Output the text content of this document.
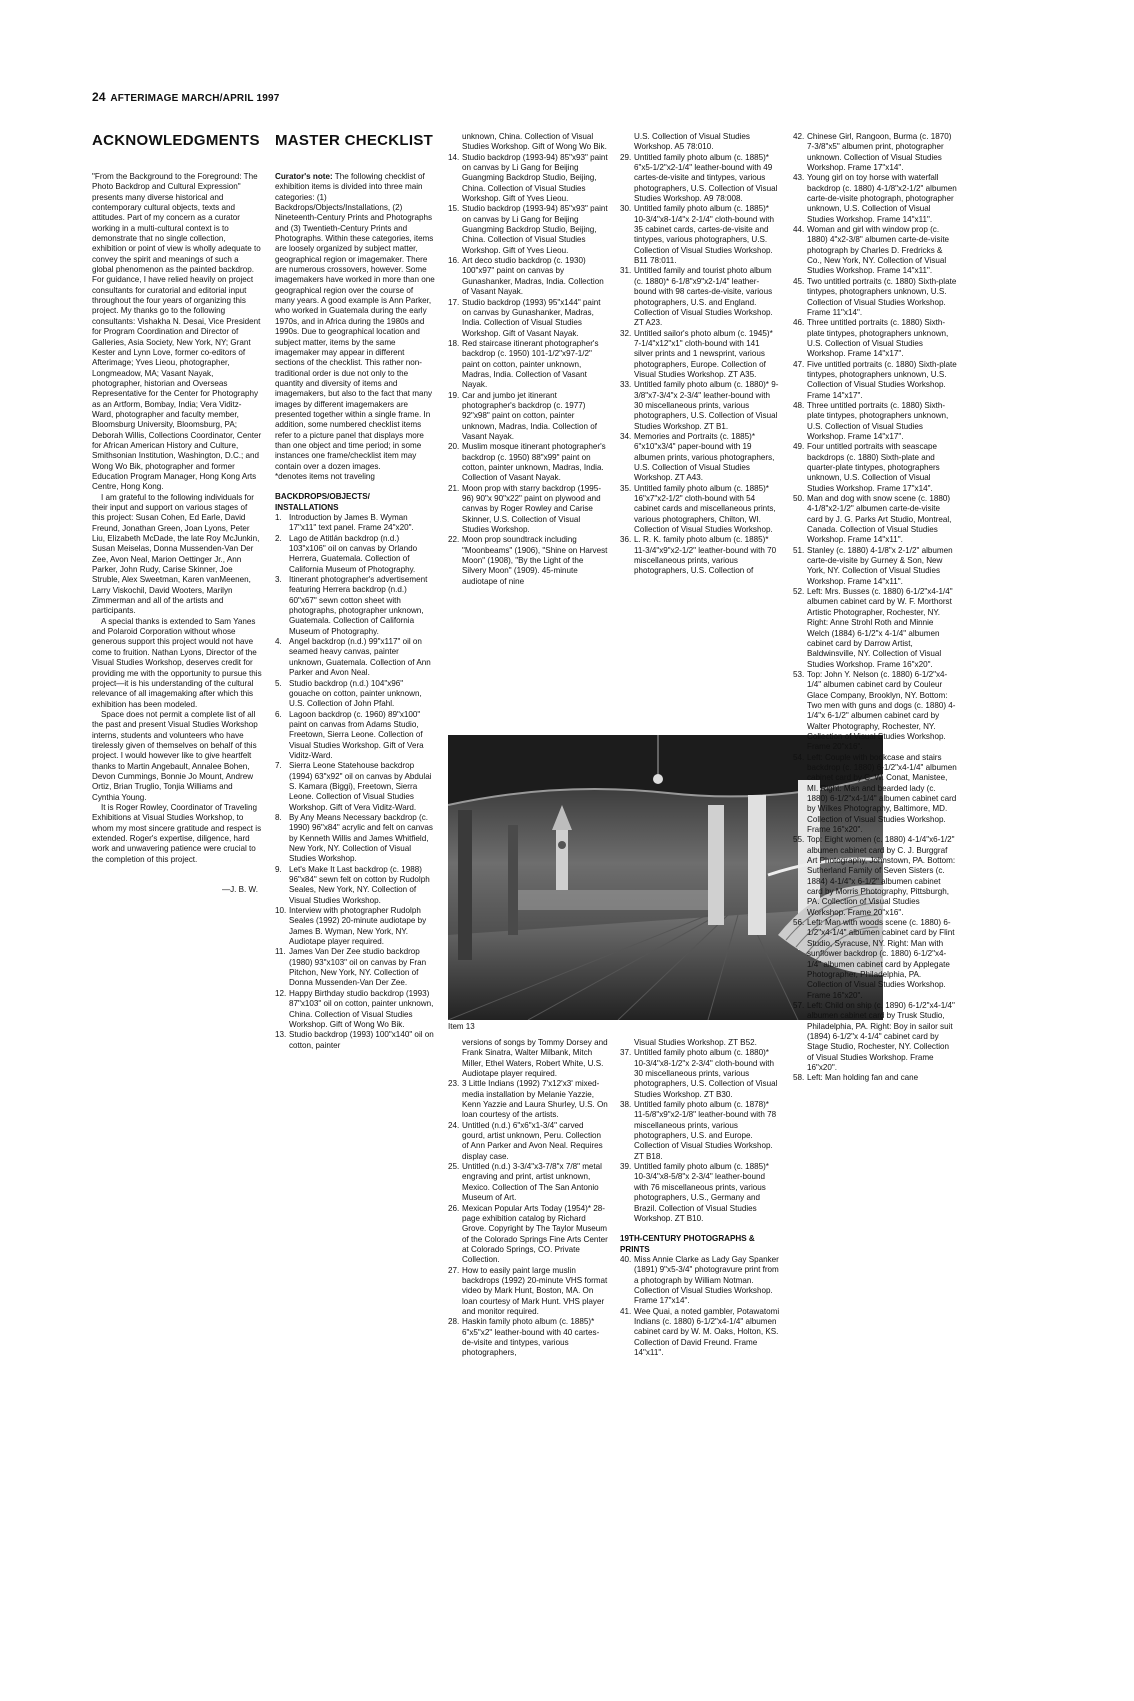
24 AFTERIMAGE MARCH/APRIL 1997
ACKNOWLEDGMENTS

"From the Background to the Foreground: The Photo Backdrop and Cultural Expression" presents many diverse historical and contemporary cultural objects, texts and attitudes. Part of my concern as a curator working in a multi-cultural context is to demonstrate that no single collection, exhibition or point of view is wholly adequate to convey the spirit and meanings of such a global phenomenon as the painted backdrop. For guidance, I have relied heavily on project consultants for curatorial and editorial input throughout the four years of organizing this project. My thanks go to the following consultants: Vishakha N. Desai, Vice President for Program Coordination and Director of Galleries, Asia Society, New York, NY; Grant Kester and Lynn Love, former co-editors of Afterimage; Yves Lieou, photographer, Longmeadow, MA; Vasant Nayak, photographer, historian and Overseas Representative for the Center for Photography as an Artform, Bombay, India; Vera Viditz-Ward, photographer and faculty member, Bloomsburg University, Bloomsburg, PA; Deborah Willis, Collections Coordinator, Center for African American History and Culture, Smithsonian Institution, Washington, D.C.; and Wong Wo Bik, photographer and former Education Program Manager, Hong Kong Arts Centre, Hong Kong.

I am grateful to the following individuals for their input and support on various stages of this project: Susan Cohen, Ed Earle, David Freund, Jonathan Green, Joan Lyons, Peter Liu, Elizabeth McDade, the late Roy McJunkin, Susan Meiselas, Donna Mussenden-Van Der Zee, Avon Neal, Marion Oettinger Jr., Ann Parker, John Rudy, Carise Skinner, Joe Struble, Alex Sweetman, Karen vanMeenen, Larry Viskochil, David Wooters, Marilyn Zimmerman and all of the artists and participants.

A special thanks is extended to Sam Yanes and Polaroid Corporation without whose generous support this project would not have come to fruition. Nathan Lyons, Director of the Visual Studies Workshop, deserves credit for providing me with the opportunity to pursue this project—it is his understanding of the cultural relevance of all imagemaking after which this exhibition has been modeled.

Space does not permit a complete list of all the past and present Visual Studies Workshop interns, students and volunteers who have tirelessly given of themselves on behalf of this project. I would however like to give heartfelt thanks to Martin Angebault, Annalee Bohen, Devon Cummings, Bonnie Jo Mount, Andrew Ortiz, Brian Truglio, Tonjia Williams and Cynthia Young.

It is Roger Rowley, Coordinator of Traveling Exhibitions at Visual Studies Workshop, to whom my most sincere gratitude and respect is extended. Roger's expertise, diligence, hard work and unwavering patience were crucial to the completion of this project.

—J. B. W.
MASTER CHECKLIST

Curator's note: The following checklist of exhibition items is divided into three main categories: (1) Backdrops/Objects/Installations, (2) Nineteenth-Century Prints and Photographs and (3) Twentieth-Century Prints and Photographs. Within these categories, items are loosely organized by subject matter, geographical region or imagemaker. There are numerous crossovers, however. Some imagemakers have worked in more than one geographical region over the course of many years. A good example is Ann Parker, who worked in Guatemala during the early 1970s, and in Africa during the 1980s and 1990s. Due to geographical location and subject matter, items by the same imagemaker may appear in different sections of the checklist. This rather non-traditional order is due not only to the quantity and diversity of items and imagemakers, but also to the fact that many images by different imagemakers are presented together within a single frame. In addition, some numbered checklist items refer to a picture panel that displays more than one object and time period; in some instances one frame/checklist item may contain over a dozen images.

*denotes items not traveling

BACKDROPS/OBJECTS/ INSTALLATIONS
1. Introduction by James B. Wyman 17"x11" text panel. Frame 24"x20".
2. Lago de Atitlán backdrop (n.d.) 103"x106" oil on canvas by Orlando Herrera, Guatemala. Collection of California Museum of Photography.
3. Itinerant photographer's advertisement featuring Herrera backdrop (n.d.) 60"x67" sewn cotton sheet with photographs, photographer unknown, Guatemala. Collection of California Museum of Photography.
4. Angel backdrop (n.d.) 99"x117" oil on seamed heavy canvas, painter unknown, Guatemala. Collection of Ann Parker and Avon Neal.
5. Studio backdrop (n.d.) 104"x96" gouache on cotton, painter unknown, U.S. Collection of John Pfahl.
6. Lagoon backdrop (c. 1960) 89"x100" paint on canvas from Adams Studio, Freetown, Sierra Leone. Collection of Visual Studies Workshop. Gift of Vera Viditz-Ward.
7. Sierra Leone Statehouse backdrop (1994) 63"x92" oil on canvas by Abdulai S. Kamara (Biggi), Freetown, Sierra Leone. Collection of Visual Studies Workshop. Gift of Vera Viditz-Ward.
8. By Any Means Necessary backdrop (c. 1990) 96"x84" acrylic and felt on canvas by Kenneth Willis and James Whitfield, New York, NY. Collection of Visual Studies Workshop.
9. Let's Make It Last backdrop (c. 1988) 96"x84" sewn felt on cotton by Rudolph Seales, New York, NY. Collection of Visual Studies Workshop.
10. Interview with photographer Rudolph Seales (1992) 20-minute audiotape by James B. Wyman, New York, NY. Audiotape player required.
11. James Van Der Zee studio backdrop (1980) 93"x103" oil on canvas by Fran Pitchon, New York, NY. Collection of Donna Mussenden-Van Der Zee.
12. Happy Birthday studio backdrop (1993) 87"x103" oil on cotton, painter unknown, China. Collection of Visual Studies Workshop. Gift of Wong Wo Bik.
13. Studio backdrop (1993) 100"x140" oil on cotton, painter

unknown, China. Collection of Visual Studies Workshop. Gift of Wong Wo Bik.

14. Studio backdrop (1993-94) 85"x93" paint on canvas by Li Gang for Beijing Guangming Backdrop Studio, Beijing, China. Collection of Visual Studies Workshop. Gift of Yves Lieou.
15. Studio backdrop (1993-94) 85"x93" paint on canvas by Li Gang for Beijing Guangming Backdrop Studio, Beijing, China. Collection of Visual Studies Workshop. Gift of Yves Lieou.
16. Art deco studio backdrop (c. 1930) 100"x97" paint on canvas by Gunashanker, Madras, India. Collection of Vasant Nayak.
17. Studio backdrop (1993) 95"x144" paint on canvas by Gunashanker, Madras, India. Collection of Visual Studies Workshop. Gift of Vasant Nayak.
18. Red staircase itinerant photographer's backdrop (c. 1950) 101-1/2"x97-1/2" paint on cotton, painter unknown, Madras, India. Collection of Vasant Nayak.
19. Car and jumbo jet itinerant photographer's backdrop (c. 1977) 92"x98" paint on cotton, painter unknown, Madras, India. Collection of Vasant Nayak.
20. Muslim mosque itinerant photographer's backdrop (c. 1950) 88"x99" paint on cotton, painter unknown, Madras, India. Collection of Vasant Nayak.
21. Moon prop with starry backdrop (1995-96) 90"x 90"x22" paint on plywood and canvas by Roger Rowley and Carise Skinner, U.S. Collection of Visual Studies Workshop.
22. Moon prop soundtrack including "Moonbeams" (1906), "Shine on Harvest Moon" (1908), "By the Light of the Silvery Moon" (1909). 45-minute audiotape of nine

U.S. Collection of Visual Studies Workshop. A5 78:010.

29. Untitled family photo album (c. 1885)* 6"x5-1/2"x2-1/4" leather-bound with 49 cartes-de-visite and tintypes, various photographers, U.S. Collection of Visual Studies Workshop. A9 78:008.
30. Untitled family photo album (c. 1885)* 10-3/4"x8-1/4"x 2-1/4" cloth-bound with 35 cabinet cards, cartes-de-visite and tintypes, various photographers, U.S. Collection of Visual Studies Workshop. B11 78:011.
31. Untitled family and tourist photo album (c. 1880)* 6-1/8"x9"x2-1/4" leather-bound with 98 cartes-de-visite, various photographers, U.S. and England. Collection of Visual Studies Workshop. ZT A23.
32. Untitled sailor's photo album (c. 1945)* 7-1/4"x12"x1" cloth-bound with 141 silver prints and 1 newsprint, various photographers, Europe. Collection of Visual Studies Workshop. ZT A35.
33. Untitled family photo album (c. 1880)* 9-3/8"x7-3/4"x 2-3/4" leather-bound with 30 miscellaneous prints, various photographers, U.S. Collection of Visual Studies Workshop. ZT B1.
34. Memories and Portraits (c. 1885)* 6"x10"x3/4" paper-bound with 19 albumen prints, various photographers, U.S. Collection of Visual Studies Workshop. ZT A43.
35. Untitled family photo album (c. 1885)* 16"x7"x2-1/2" cloth-bound with 54 cabinet cards and miscellaneous prints, various photographers, Chilton, WI. Collection of Visual Studies Workshop.
36. L. R. K. family photo album (c. 1885)* 11-3/4"x9"x2-1/2" leather-bound with 70 miscellaneous prints, various photographers, U.S. Collection of
Item 13

versions of songs by Tommy Dorsey and Frank Sinatra, Walter Milbank, Mitch Miller, Ethel Waters, Robert White, U.S. Audiotape player required.

23. 3 Little Indians (1992) 7'x12'x3' mixed-media installation by Melanie Yazzie, Kenn Yazzie and Laura Shurley, U.S. On loan courtesy of the artists.
24. Untitled (n.d.) 6"x6"x1-3/4" carved gourd, artist unknown, Peru. Collection of Ann Parker and Avon Neal. Requires display case.
25. Untitled (n.d.) 3-3/4"x3-7/8"x 7/8" metal engraving and print, artist unknown, Mexico. Collection of The San Antonio Museum of Art.
26. Mexican Popular Arts Today (1954)* 28-page exhibition catalog by Richard Grove. Copyright by The Taylor Museum of the Colorado Springs Fine Arts Center at Colorado Springs, CO. Private Collection.
27. How to easily paint large muslin backdrops (1992) 20-minute VHS format video by Mark Hunt, Boston, MA. On loan courtesy of Mark Hunt. VHS player and monitor required.
28. Haskin family photo album (c. 1885)* 6"x5"x2" leather-bound with 40 cartes-de-visite and tintypes, various photographers,

Visual Studies Workshop. ZT B52.

37. Untitled family photo album (c. 1880)* 10-3/4"x8-1/2"x 2-3/4" cloth-bound with 30 miscellaneous prints, various photographers, U.S. Collection of Visual Studies Workshop. ZT B30.
38. Untitled family photo album (c. 1878)* 11-5/8"x9"x2-1/8" leather-bound with 78 miscellaneous prints, various photographers, U.S. and Europe. Collection of Visual Studies Workshop. ZT B18.
39. Untitled family photo album (c. 1885)* 10-3/4"x8-5/8"x 2-3/4" leather-bound with 76 miscellaneous prints, various photographers, U.S., Germany and Brazil. Collection of Visual Studies Workshop. ZT B10.
19TH-CENTURY PHOTOGRAPHS & PRINTS
40. Miss Annie Clarke as Lady Gay Spanker (1891) 9"x5-3/4" photogravure print from a photograph by William Notman. Collection of Visual Studies Workshop. Frame 17"x14".
41. Wee Quai, a noted gambler, Potawatomi Indians (c. 1880) 6-1/2"x4-1/4" albumen cabinet card by W. M. Oaks, Holton, KS. Collection of David Freund. Frame 14"x11".
42. Chinese Girl, Rangoon, Burma (c. 1870) 7-3/8"x5" albumen print, photographer unknown. Collection of Visual Studies Workshop. Frame 17"x14".
43. Young girl on toy horse with waterfall backdrop (c. 1880) 4-1/8"x2-1/2" albumen carte-de-visite photograph, photographer unknown, U.S. Collection of Visual Studies Workshop. Frame 14"x11".
44. Woman and girl with window prop (c. 1880) 4"x2-3/8" albumen carte-de-visite photograph by Charles D. Fredricks & Co., New York, NY. Collection of Visual Studies Workshop. Frame 14"x11".
45. Two untitled portraits (c. 1880) Sixth-plate tintypes, photographers unknown, U.S. Collection of Visual Studies Workshop. Frame 11"x14".
46. Three untitled portraits (c. 1880) Sixth-plate tintypes, photographers unknown, U.S. Collection of Visual Studies Workshop. Frame 14"x17".
47. Five untitled portraits (c. 1880) Sixth-plate tintypes, photographers unknown, U.S. Collection of Visual Studies Workshop. Frame 14"x17".
48. Three untitled portraits (c. 1880) Sixth-plate tintypes, photographers unknown, U.S. Collection of Visual Studies Workshop. Frame 14"x17".
49. Four untitled portraits with seascape backdrops (c. 1880) Sixth-plate and quarter-plate tintypes, photographers unknown, U.S. Collection of Visual Studies Workshop. Frame 17"x14".
50. Man and dog with snow scene (c. 1880) 4-1/8"x2-1/2" albumen carte-de-visite card by J. G. Parks Art Studio, Montreal, Canada. Collection of Visual Studies Workshop. Frame 14"x11".
51. Stanley (c. 1880) 4-1/8"x 2-1/2" albumen carte-de-visite by Gurney & Son, New York, NY. Collection of Visual Studies Workshop. Frame 14"x11".
52. Left: Mrs. Busses (c. 1880) 6-1/2"x4-1/4" albumen cabinet card by W. F. Morthorst Artistic Photographer, Rochester, NY. Right: Anne Strohl Roth and Minnie Welch (1884) 6-1/2"x 4-1/4" albumen cabinet card by Darrow Artist, Baldwinsville, NY. Collection of Visual Studies Workshop. Frame 16"x20".
53. Top: John Y. Nelson (c. 1880) 6-1/2"x4-1/4" albumen cabinet card by Couleur Glace Company, Brooklyn, NY. Bottom: Two men with guns and dogs (c. 1880) 4-1/4"x 6-1/2" albumen cabinet card by Walter Photography, Rochester, NY. Collection of Visual Studies Workshop. Frame 20"x16".
54. Left: Couple with bookcase and stairs backdrop (c. 1880) 6-1/2"x4-1/4" albumen cabinet card by C. W. Conat, Manistee, MI. Right: Man and bearded lady (c. 1880) 6-1/2"x4-1/4" albumen cabinet card by Wilkes Photography, Baltimore, MD. Collection of Visual Studies Workshop. Frame 16"x20".
55. Top: Eight women (c. 1880) 4-1/4"x6-1/2" albumen cabinet card by C. J. Burggraf Art Photography, Johnstown, PA. Bottom: Sutherland Family of Seven Sisters (c. 1884) 4-1/4"x 6-1/2" albumen cabinet card by Morris Photography, Pittsburgh, PA. Collection of Visual Studies Workshop. Frame 20"x16".
56. Left: Man with woods scene (c. 1880) 6-1/2"x4-1/4" albumen cabinet card by Flint Studio, Syracuse, NY. Right: Man with sunflower backdrop (c. 1880) 6-1/2"x4-1/4" albumen cabinet card by Applegate Photographer, Philadelphia, PA. Collection of Visual Studies Workshop. Frame 16"x20".
57. Left: Child on ship (c. 1890) 6-1/2"x4-1/4" albumen cabinet card by Trusk Studio, Philadelphia, PA. Right: Boy in sailor suit (1894) 6-1/2"x 4-1/4" cabinet card by Stage Studio, Rochester, NY. Collection of Visual Studies Workshop. Frame 16"x20".
58. Left: Man holding fan and cane
